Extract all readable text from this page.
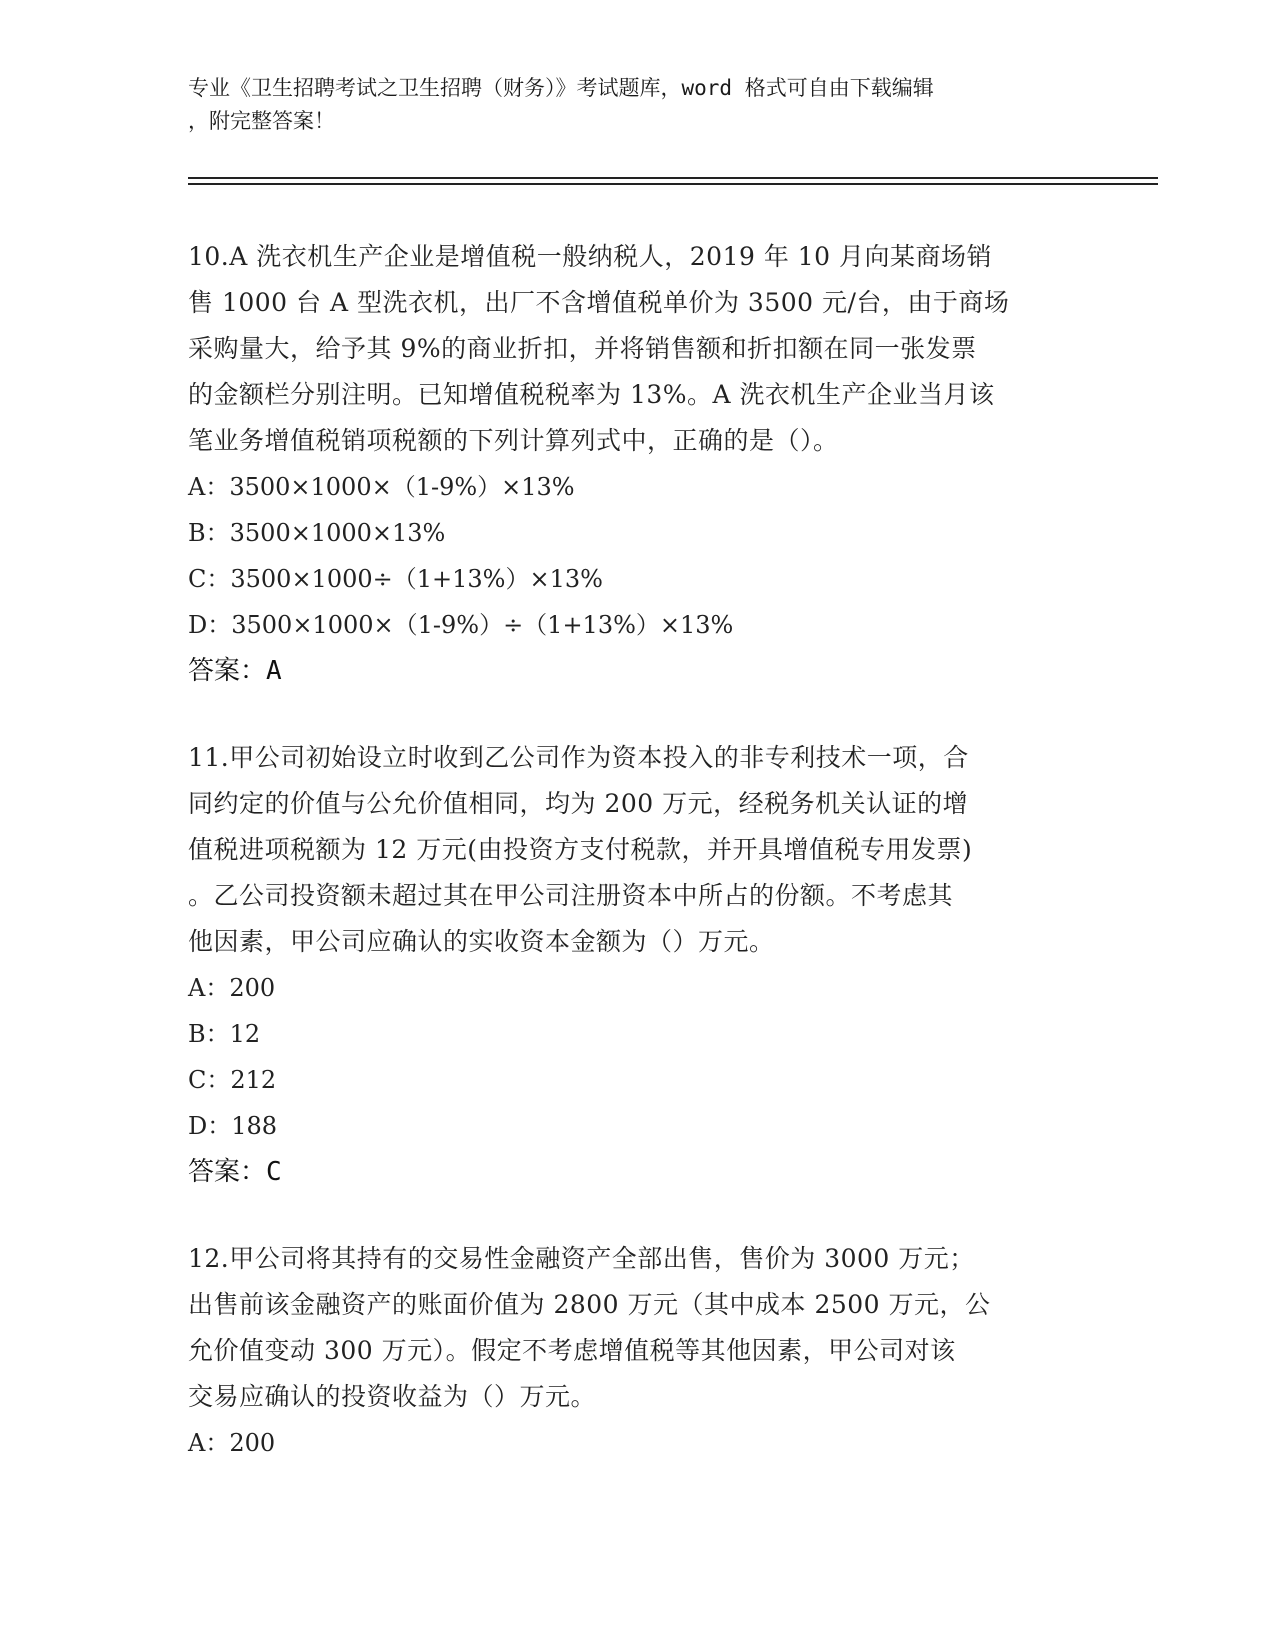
专业《卫生招聘考试之卫生招聘（财务）》考试题库，word 格式可自由下载编辑
，附完整答案！

10.A 洗衣机生产企业是增值税一般纳税人，2019 年 10 月向某商场销

售 1000 台 A 型洗衣机，出厂不含增值税单价为 3500 元/台，由于商场

采购量大，给予其 9%的商业折扣，并将销售额和折扣额在同一张发票

的金额栏分别注明。已知增值税税率为 13%。A 洗衣机生产企业当月该

笔业务增值税销项税额的下列计算列式中，正确的是（）。

A：3500×1000×（1-9%）×13%

B：3500×1000×13%

C：3500×1000÷（1+13%）×13%

D：3500×1000×（1-9%）÷（1+13%）×13%

答案：A

11.甲公司初始设立时收到乙公司作为资本投入的非专利技术一项，合

同约定的价值与公允价值相同，均为 200 万元，经税务机关认证的增

值税进项税额为 12 万元(由投资方支付税款，并开具增值税专用发票)

。乙公司投资额未超过其在甲公司注册资本中所占的份额。不考虑其

他因素，甲公司应确认的实收资本金额为（）万元。

A：200

B：12

C：212

D：188

答案：C

12.甲公司将其持有的交易性金融资产全部出售，售价为 3000 万元；

出售前该金融资产的账面价值为 2800 万元（其中成本 2500 万元，公

允价值变动 300 万元）。假定不考虑增值税等其他因素，甲公司对该

交易应确认的投资收益为（）万元。

A：200
